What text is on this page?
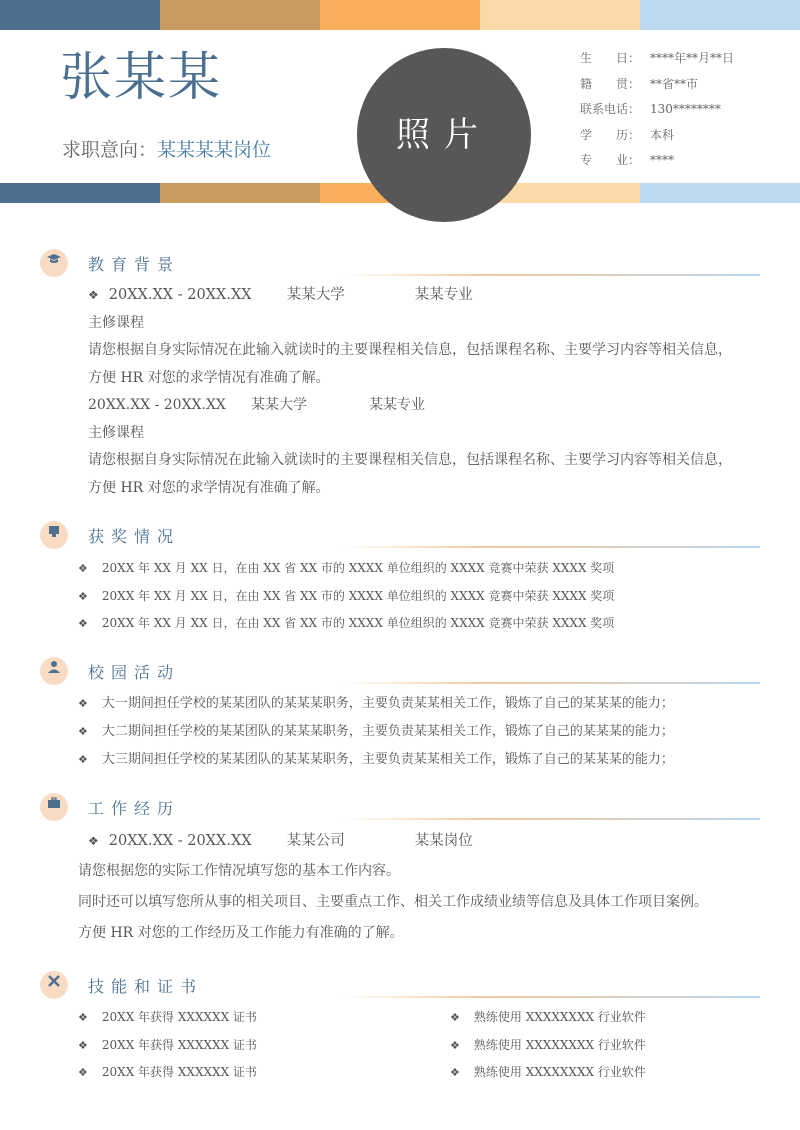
张某某
求职意向：某某某某岗位	照片
生　　日： ****年**月**日
籍　　贯： **省**市
联系电话： 130********
学　　历： 本科
专　　业： ****
教育背景
❖ 20XX.XX - 20XX.XX 某某大学	某某专业
主修课程
请您根据自身实际情况在此输入就读时的主要课程相关信息，包括课程名称、主要学习内容等相关信息，
方便 HR 对您的求学情况有准确了解。
20XX.XX - 20XX.XX 某某大学	某某专业
主修课程
请您根据自身实际情况在此输入就读时的主要课程相关信息，包括课程名称、主要学习内容等相关信息，
方便 HR 对您的求学情况有准确了解。
获奖情况
❖ 20XX 年 XX 月 XX 日，在由 XX 省 XX 市的 XXXX 单位组织的 XXXX 竞赛中荣获 XXXX 奖项
❖ 20XX 年 XX 月 XX 日，在由 XX 省 XX 市的 XXXX 单位组织的 XXXX 竞赛中荣获 XXXX 奖项
❖ 20XX 年 XX 月 XX 日，在由 XX 省 XX 市的 XXXX 单位组织的 XXXX 竞赛中荣获 XXXX 奖项
校园活动
❖ 大一期间担任学校的某某团队的某某某职务，主要负责某某相关工作，锻炼了自己的某某某的能力；
❖ 大二期间担任学校的某某团队的某某某职务，主要负责某某相关工作，锻炼了自己的某某某的能力；
❖ 大三期间担任学校的某某团队的某某某职务，主要负责某某相关工作，锻炼了自己的某某某的能力；
工作经历
❖ 20XX.XX - 20XX.XX 某某公司	某某岗位
请您根据您的实际工作情况填写您的基本工作内容。
同时还可以填写您所从事的相关项目、主要重点工作、相关工作成绩业绩等信息及具体工作项目案例。
方便 HR 对您的工作经历及工作能力有准确的了解。
技能和证书
❖ 20XX 年获得 XXXXXX 证书
❖ 20XX 年获得 XXXXXX 证书
❖ 20XX 年获得 XXXXXX 证书
❖ 熟练使用 XXXXXXXX 行业软件
❖ 熟练使用 XXXXXXXX 行业软件
❖ 熟练使用 XXXXXXXX 行业软件
